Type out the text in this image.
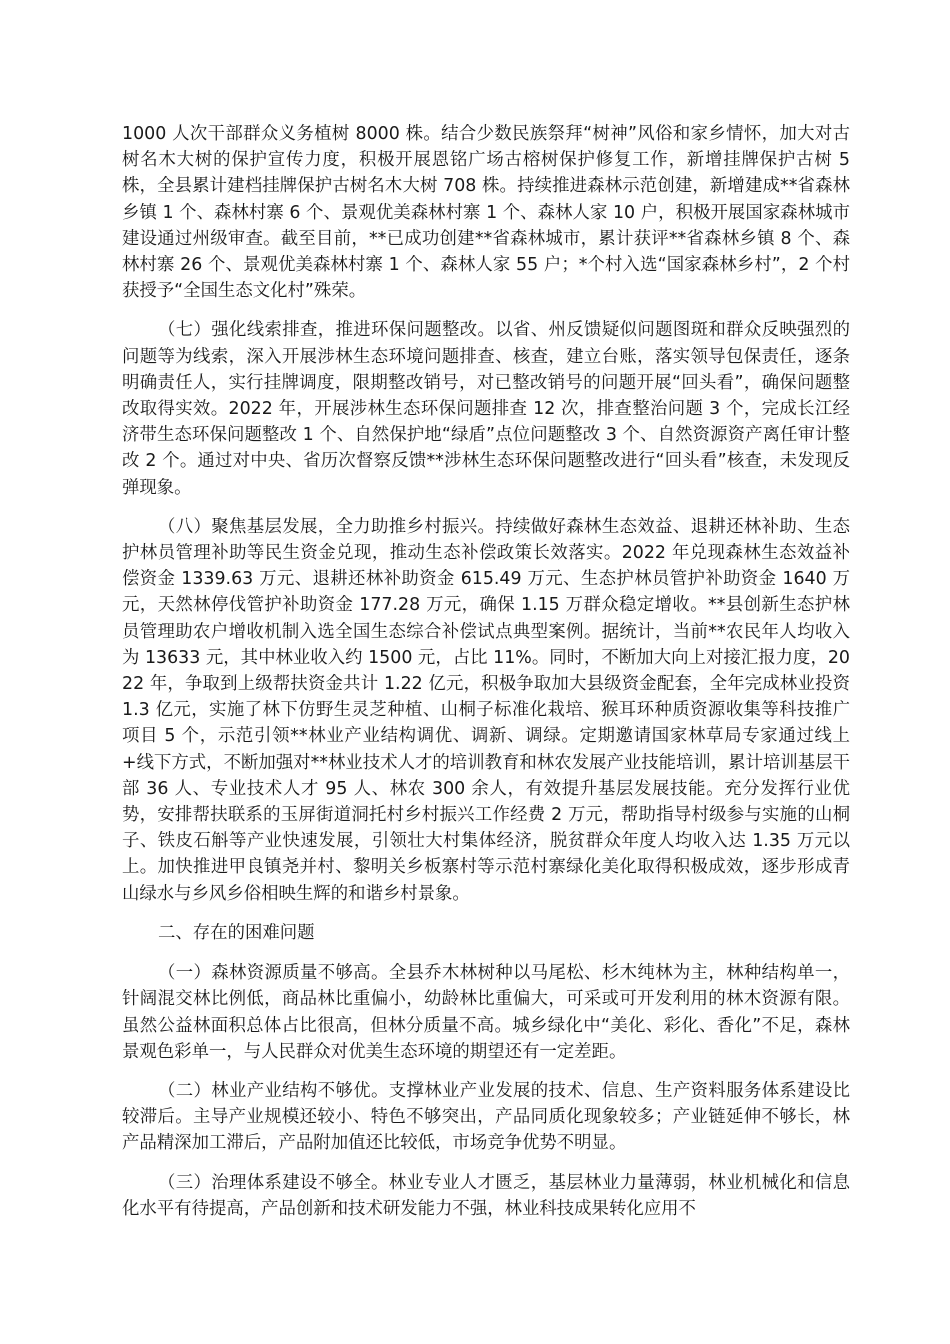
1000 人次干部群众义务植树 8000 株。结合少数民族祭拜“树神”风俗和家乡情怀，加大对古树名木大树的保护宣传力度，积极开展恩铭广场古榕树保护修复工作，新增挂牌保护古树 5 株，全县累计建档挂牌保护古树名木大树 708 株。持续推进森林示范创建，新增建成**省森林乡镇 1 个、森林村寨 6 个、景观优美森林村寨 1 个、森林人家 10 户，积极开展国家森林城市建设通过州级审查。截至目前，**已成功创建**省森林城市，累计获评**省森林乡镇 8 个、森林村寨 26 个、景观优美森林村寨 1 个、森林人家 55 户；*个村入选“国家森林乡村”，2 个村获授予“全国生态文化村”殊荣。

（七）强化线索排查，推进环保问题整改。以省、州反馈疑似问题图斑和群众反映强烈的问题等为线索，深入开展涉林生态环境问题排查、核查，建立台账，落实领导包保责任，逐条明确责任人，实行挂牌调度，限期整改销号，对已整改销号的问题开展“回头看”，确保问题整改取得实效。2022 年，开展涉林生态环保问题排查 12 次，排查整治问题 3 个，完成长江经济带生态环保问题整改 1 个、自然保护地“绿盾”点位问题整改 3 个、自然资源资产离任审计整改 2 个。通过对中央、省历次督察反馈**涉林生态环保问题整改进行“回头看”核查，未发现反弹现象。

（八）聚焦基层发展，全力助推乡村振兴。持续做好森林生态效益、退耕还林补助、生态护林员管理补助等民生资金兑现，推动生态补偿政策长效落实。2022 年兑现森林生态效益补偿资金 1339.63 万元、退耕还林补助资金 615.49 万元、生态护林员管护补助资金 1640 万元，天然林停伐管护补助资金 177.28 万元，确保 1.15 万群众稳定增收。**县创新生态护林员管理助农户增收机制入选全国生态综合补偿试点典型案例。据统计，当前**农民年人均收入为 13633 元，其中林业收入约 1500 元，占比 11%。同时，不断加大向上对接汇报力度，2022 年，争取到上级帮扶资金共计 1.22 亿元，积极争取加大县级资金配套，全年完成林业投资 1.3 亿元，实施了林下仿野生灵芝种植、山桐子标准化栽培、猴耳环种质资源收集等科技推广项目 5 个，示范引领**林业产业结构调优、调新、调绿。定期邀请国家林草局专家通过线上+线下方式，不断加强对**林业技术人才的培训教育和林农发展产业技能培训，累计培训基层干部 36 人、专业技术人才 95 人、林农 300 余人，有效提升基层发展技能。充分发挥行业优势，安排帮扶联系的玉屏街道洞托村乡村振兴工作经费 2 万元，帮助指导村级参与实施的山桐子、铁皮石斛等产业快速发展，引领壮大村集体经济，脱贫群众年度人均收入达 1.35 万元以上。加快推进甲良镇尧并村、黎明关乡板寨村等示范村寨绿化美化取得积极成效，逐步形成青山绿水与乡风乡俗相映生辉的和谐乡村景象。

二、存在的困难问题

（一）森林资源质量不够高。全县乔木林树种以马尾松、杉木纯林为主，林种结构单一，针阔混交林比例低，商品林比重偏小，幼龄林比重偏大，可采或可开发利用的林木资源有限。虽然公益林面积总体占比很高，但林分质量不高。城乡绿化中“美化、彩化、香化”不足，森林景观色彩单一，与人民群众对优美生态环境的期望还有一定差距。

（二）林业产业结构不够优。支撑林业产业发展的技术、信息、生产资料服务体系建设比较滞后。主导产业规模还较小、特色不够突出，产品同质化现象较多；产业链延伸不够长，林产品精深加工滞后，产品附加值还比较低，市场竞争优势不明显。

（三）治理体系建设不够全。林业专业人才匮乏，基层林业力量薄弱，林业机械化和信息化水平有待提高，产品创新和技术研发能力不强，林业科技成果转化应用不
